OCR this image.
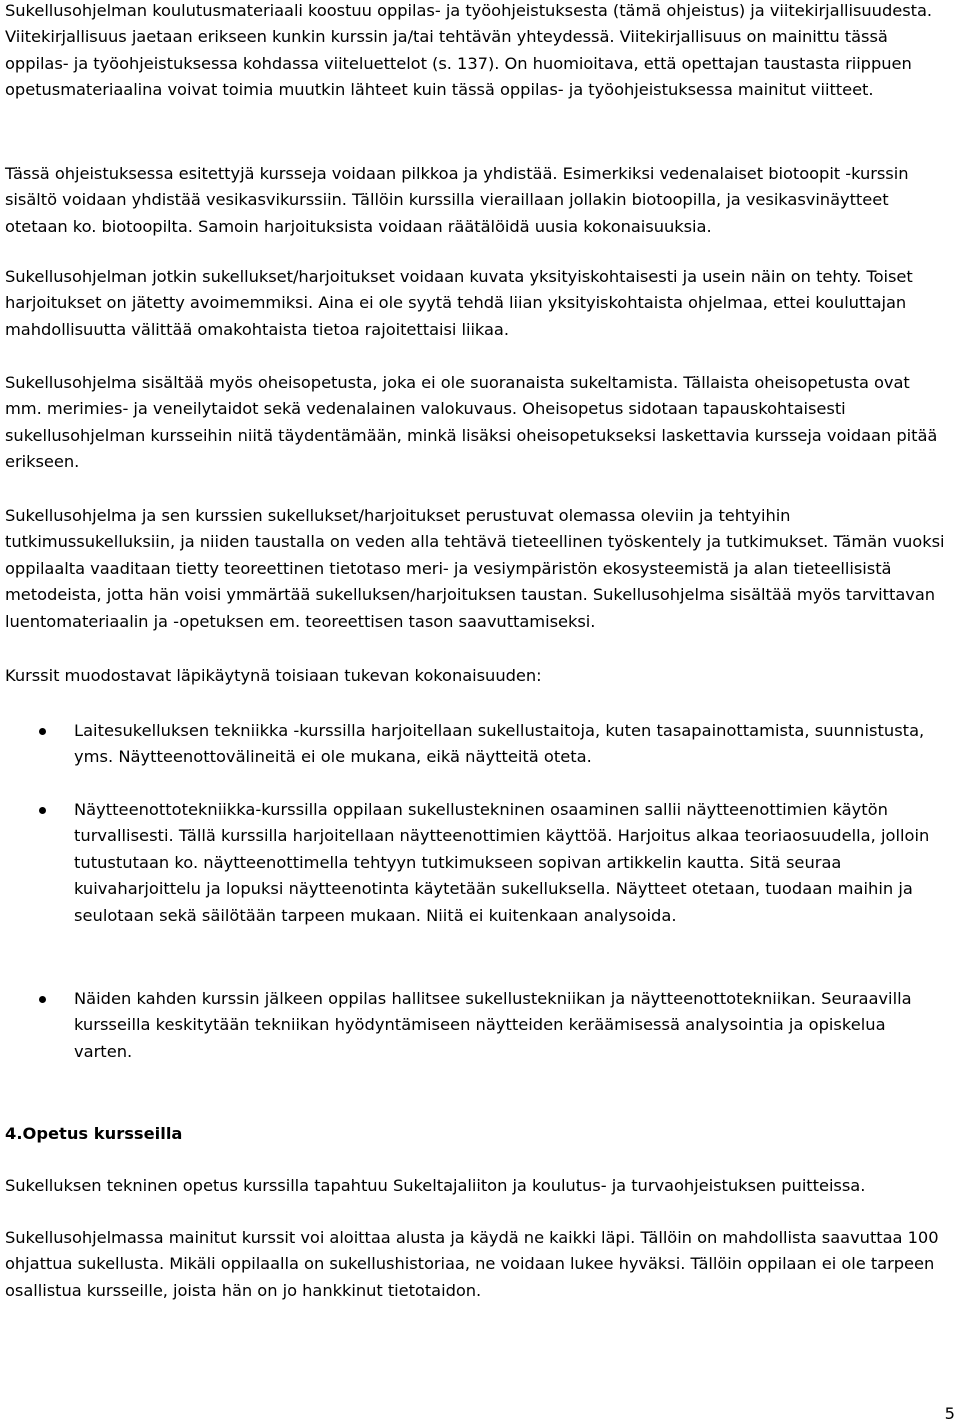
Sukellusohjelman koulutusmateriaali koostuu oppilas- ja työohjeistuksesta (tämä ohjeistus) ja viitekirjallisuudesta. Viitekirjallisuus jaetaan erikseen kunkin kurssin ja/tai tehtävän yhteydessä. Viitekirjallisuus on mainittu tässä oppilas- ja työohjeistuksessa kohdassa viiteluettelot (s. 137). On huomioitava, että opettajan taustasta riippuen opetusmateriaalina voivat toimia muutkin lähteet kuin tässä oppilas- ja työohjeistuksessa mainitut viitteet.

Tässä ohjeistuksessa esitettyjä kursseja voidaan pilkkoa ja yhdistää. Esimerkiksi vedenalaiset biotoopit -kurssin sisältö voidaan yhdistää vesikasvikurssiin. Tällöin kurssilla vieraillaan jollakin biotoopilla, ja vesikasvinäytteet otetaan ko. biotoopilta. Samoin harjoituksista voidaan räätälöidä uusia kokonaisuuksia.

Sukellusohjelman jotkin sukellukset/harjoitukset voidaan kuvata yksityiskohtaisesti ja usein näin on tehty. Toiset harjoitukset on jätetty avoimemmiksi. Aina ei ole syytä tehdä liian yksityiskohtaista ohjelmaa, ettei kouluttajan mahdollisuutta välittää omakohtaista tietoa rajoitettaisi liikaa.

Sukellusohjelma sisältää myös oheisopetusta, joka ei ole suoranaista sukeltamista. Tällaista oheisopetusta ovat mm. merimies- ja veneilytaidot sekä vedenalainen valokuvaus. Oheisopetus sidotaan tapauskohtaisesti sukellusohjelman kursseihin niitä täydentämään, minkä lisäksi oheisopetukseksi laskettavia kursseja voidaan pitää erikseen.

Sukellusohjelma ja sen kurssien sukellukset/harjoitukset perustuvat olemassa oleviin ja tehtyihin tutkimussukelluksiin, ja niiden taustalla on veden alla tehtävä tieteellinen työskentely ja tutkimukset. Tämän vuoksi oppilaalta vaaditaan tietty teoreettinen tietotaso meri- ja vesiympäristön ekosysteemistä ja alan tieteellisistä metodeista, jotta hän voisi ymmärtää sukelluksen/harjoituksen taustan. Sukellusohjelma sisältää myös tarvittavan luentomateriaalin ja -opetuksen em. teoreettisen tason saavuttamiseksi.

Kurssit muodostavat läpikäytynä toisiaan tukevan kokonaisuuden:

Laitesukelluksen tekniikka -kurssilla harjoitellaan sukellustaitoja, kuten tasapainottamista, suunnistusta, yms. Näytteenottovälineitä ei ole mukana, eikä näytteitä oteta.

Näytteenottotekniikka-kurssilla oppilaan sukellustekninen osaaminen sallii näytteenottimien käytön turvallisesti. Tällä kurssilla harjoitellaan näytteenottimien käyttöä. Harjoitus alkaa teoriaosuudella, jolloin tutustutaan ko. näytteenottimella tehtyyn tutkimukseen sopivan artikkelin kautta. Sitä seuraa kuivaharjoittelu ja lopuksi näytteenotinta käytetään sukelluksella. Näytteet otetaan, tuodaan maihin ja seulotaan sekä säilötään tarpeen mukaan. Niitä ei kuitenkaan analysoida.

Näiden kahden kurssin jälkeen oppilas hallitsee sukellustekniikan ja näytteenottotekniikan. Seuraavilla kursseilla keskitytään tekniikan hyödyntämiseen näytteiden keräämisessä analysointia ja opiskelua varten.

4.Opetus kursseilla

Sukelluksen tekninen opetus kurssilla tapahtuu Sukeltajaliiton ja koulutus- ja turvaohjeistuksen puitteissa.

Sukellusohjelmassa mainitut kurssit voi aloittaa alusta ja käydä ne kaikki läpi. Tällöin on mahdollista saavuttaa 100 ohjattua sukellusta. Mikäli oppilaalla on sukellushistoriaa, ne voidaan lukee hyväksi. Tällöin oppilaan ei ole tarpeen osallistua kursseille, joista hän on jo hankkinut tietotaidon.

5
